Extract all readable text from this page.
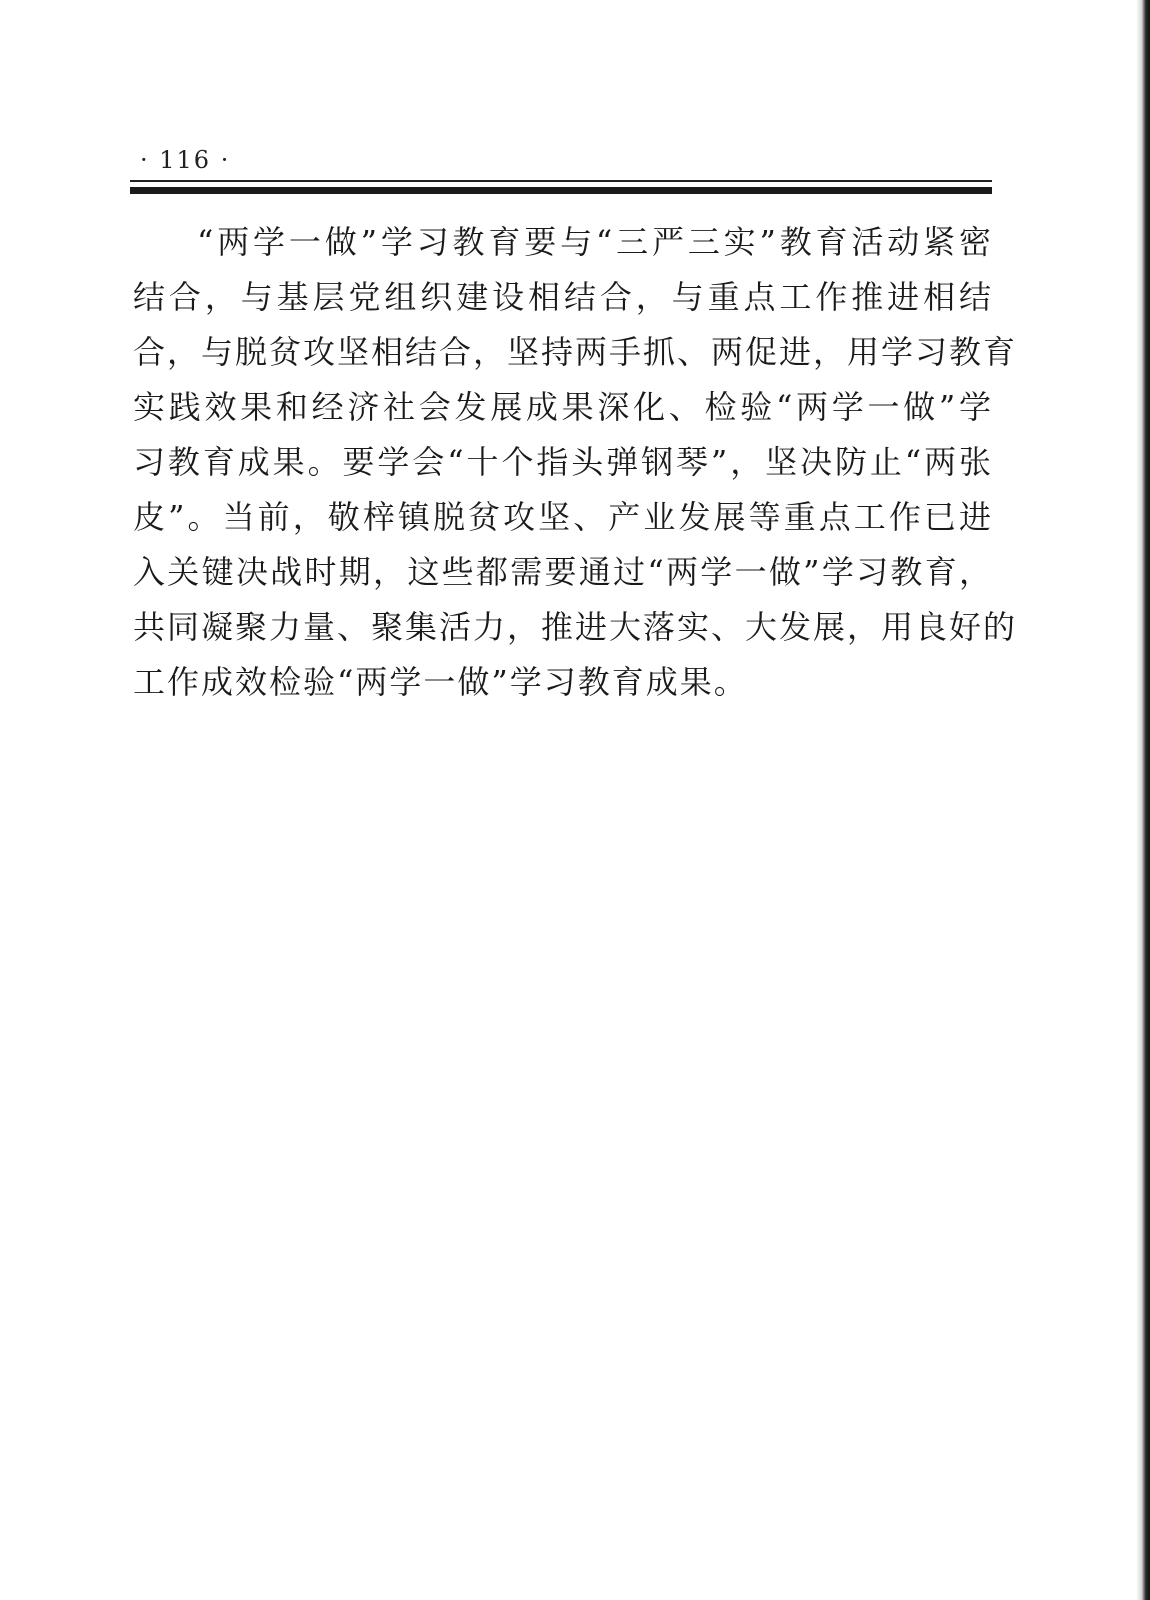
· 116 ·
“两学一做”学习教育要与“三严三实”教育活动紧密
结合，与基层党组织建设相结合，与重点工作推进相结
合，与脱贫攻坚相结合，坚持两手抓、两促进，用学习教育
实践效果和经济社会发展成果深化、检验“两学一做”学
习教育成果。要学会“十个指头弹钢琴”，坚决防止“两张
皮”。当前，敬梓镇脱贫攻坚、产业发展等重点工作已进
入关键决战时期，这些都需要通过“两学一做”学习教育，
共同凝聚力量、聚集活力，推进大落实、大发展，用良好的
工作成效检验“两学一做”学习教育成果。
